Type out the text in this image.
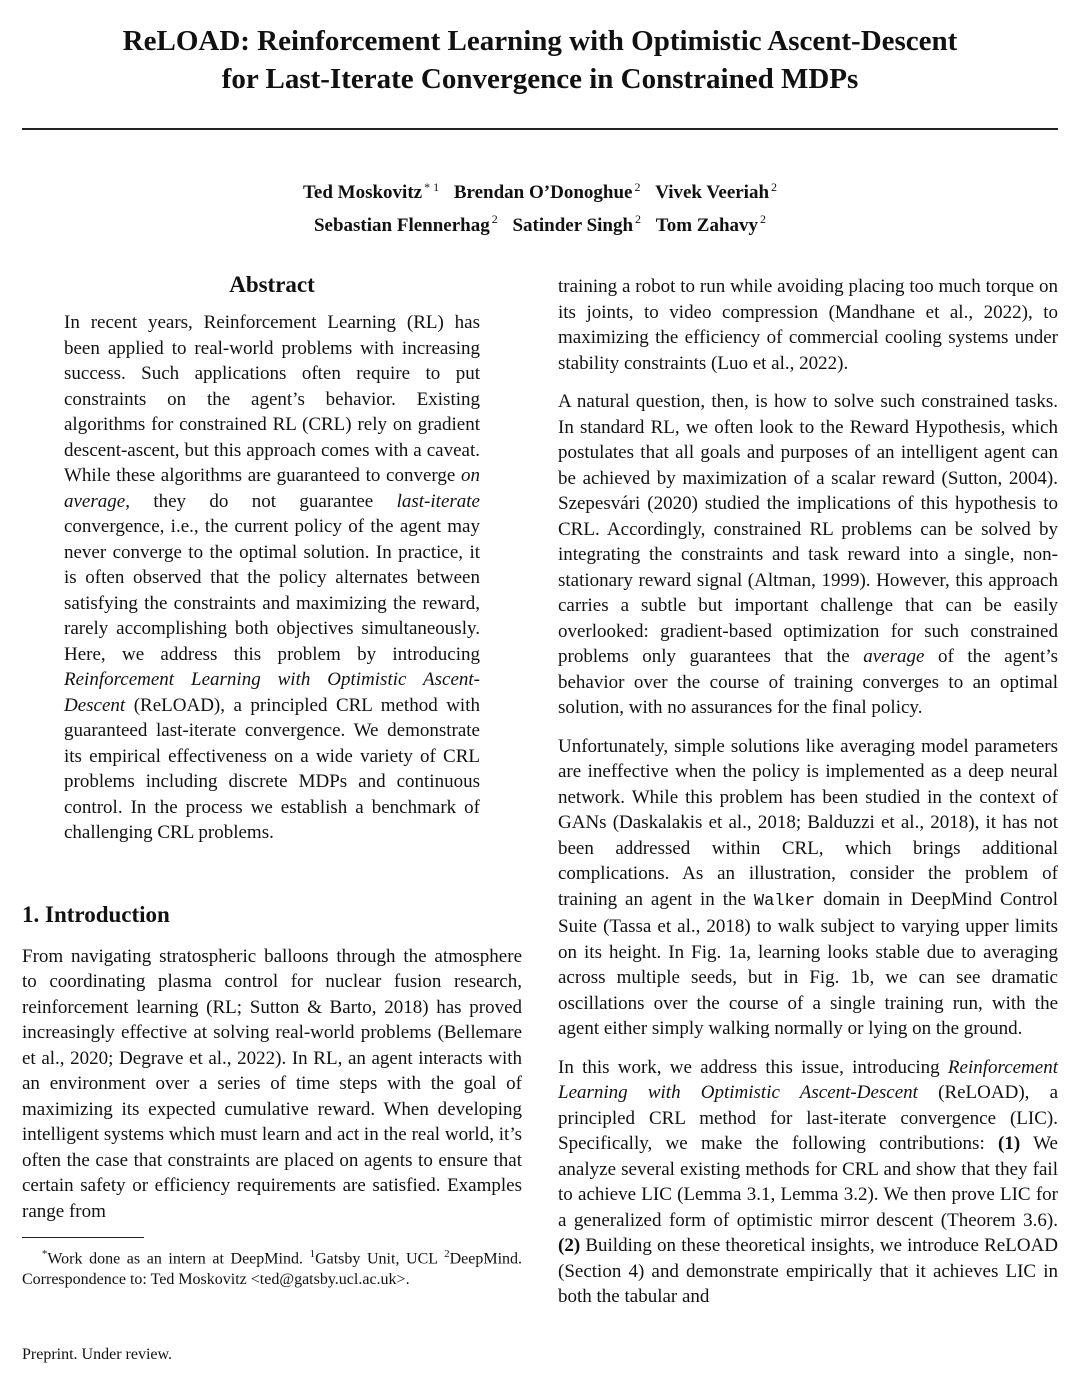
ReLOAD: Reinforcement Learning with Optimistic Ascent-Descent
for Last-Iterate Convergence in Constrained MDPs
Ted Moskovitz $^{* 1}$ Brendan O’Donoghue $^2$ Vivek Veeriah $^2$
Sebastian Flennerhag $^2$ Satinder Singh $^2$ Tom Zahavy $^2$
Abstract

In recent years, Reinforcement Learning (RL) has been applied to real-world problems with increasing success. Such applications often require to put constraints on the agent’s behavior. Existing algorithms for constrained RL (CRL) rely on gradient descent-ascent, but this approach comes with a caveat. While these algorithms are guaranteed to converge on average, they do not guarantee last-iterate convergence, i.e., the current policy of the agent may never converge to the optimal solution. In practice, it is often observed that the policy alternates between satisfying the constraints and maximizing the reward, rarely accomplishing both objectives simultaneously. Here, we address this problem by introducing Reinforcement Learning with Optimistic Ascent-Descent (ReLOAD), a principled CRL method with guaranteed last-iterate convergence. We demonstrate its empirical effectiveness on a wide variety of CRL problems including discrete MDPs and continuous control. In the process we establish a benchmark of challenging CRL problems.

1. Introduction

From navigating stratospheric balloons through the atmosphere to coordinating plasma control for nuclear fusion research, reinforcement learning (RL; Sutton & Barto, 2018) has proved increasingly effective at solving real-world problems (Bellemare et al., 2020; Degrave et al., 2022). In RL, an agent interacts with an environment over a series of time steps with the goal of maximizing its expected cumulative reward. When developing intelligent systems which must learn and act in the real world, it’s often the case that constraints are placed on agents to ensure that certain safety or efficiency requirements are satisfied. Examples range from

*Work done as an intern at DeepMind. $^1$Gatsby Unit, UCL $^2$DeepMind. Correspondence to: Ted Moskovitz <ted@gatsby.ucl.ac.uk>.

Preprint. Under review.

training a robot to run while avoiding placing too much torque on its joints, to video compression (Mandhane et al., 2022), to maximizing the efficiency of commercial cooling systems under stability constraints (Luo et al., 2022).

A natural question, then, is how to solve such constrained tasks. In standard RL, we often look to the Reward Hypothesis, which postulates that all goals and purposes of an intelligent agent can be achieved by maximization of a scalar reward (Sutton, 2004). Szepesvári (2020) studied the implications of this hypothesis to CRL. Accordingly, constrained RL problems can be solved by integrating the constraints and task reward into a single, non-stationary reward signal (Altman, 1999). However, this approach carries a subtle but important challenge that can be easily overlooked: gradient-based optimization for such constrained problems only guarantees that the average of the agent’s behavior over the course of training converges to an optimal solution, with no assurances for the final policy.

Unfortunately, simple solutions like averaging model parameters are ineffective when the policy is implemented as a deep neural network. While this problem has been studied in the context of GANs (Daskalakis et al., 2018; Balduzzi et al., 2018), it has not been addressed within CRL, which brings additional complications. As an illustration, consider the problem of training an agent in the Walker domain in DeepMind Control Suite (Tassa et al., 2018) to walk subject to varying upper limits on its height. In Fig. 1a, learning looks stable due to averaging across multiple seeds, but in Fig. 1b, we can see dramatic oscillations over the course of a single training run, with the agent either simply walking normally or lying on the ground.

In this work, we address this issue, introducing Reinforcement Learning with Optimistic Ascent-Descent (ReLOAD), a principled CRL method for last-iterate convergence (LIC). Specifically, we make the following contributions: (1) We analyze several existing methods for CRL and show that they fail to achieve LIC (Lemma 3.1, Lemma 3.2). We then prove LIC for a generalized form of optimistic mirror descent (Theorem 3.6). (2) Building on these theoretical insights, we introduce ReLOAD (Section 4) and demonstrate empirically that it achieves LIC in both the tabular and
